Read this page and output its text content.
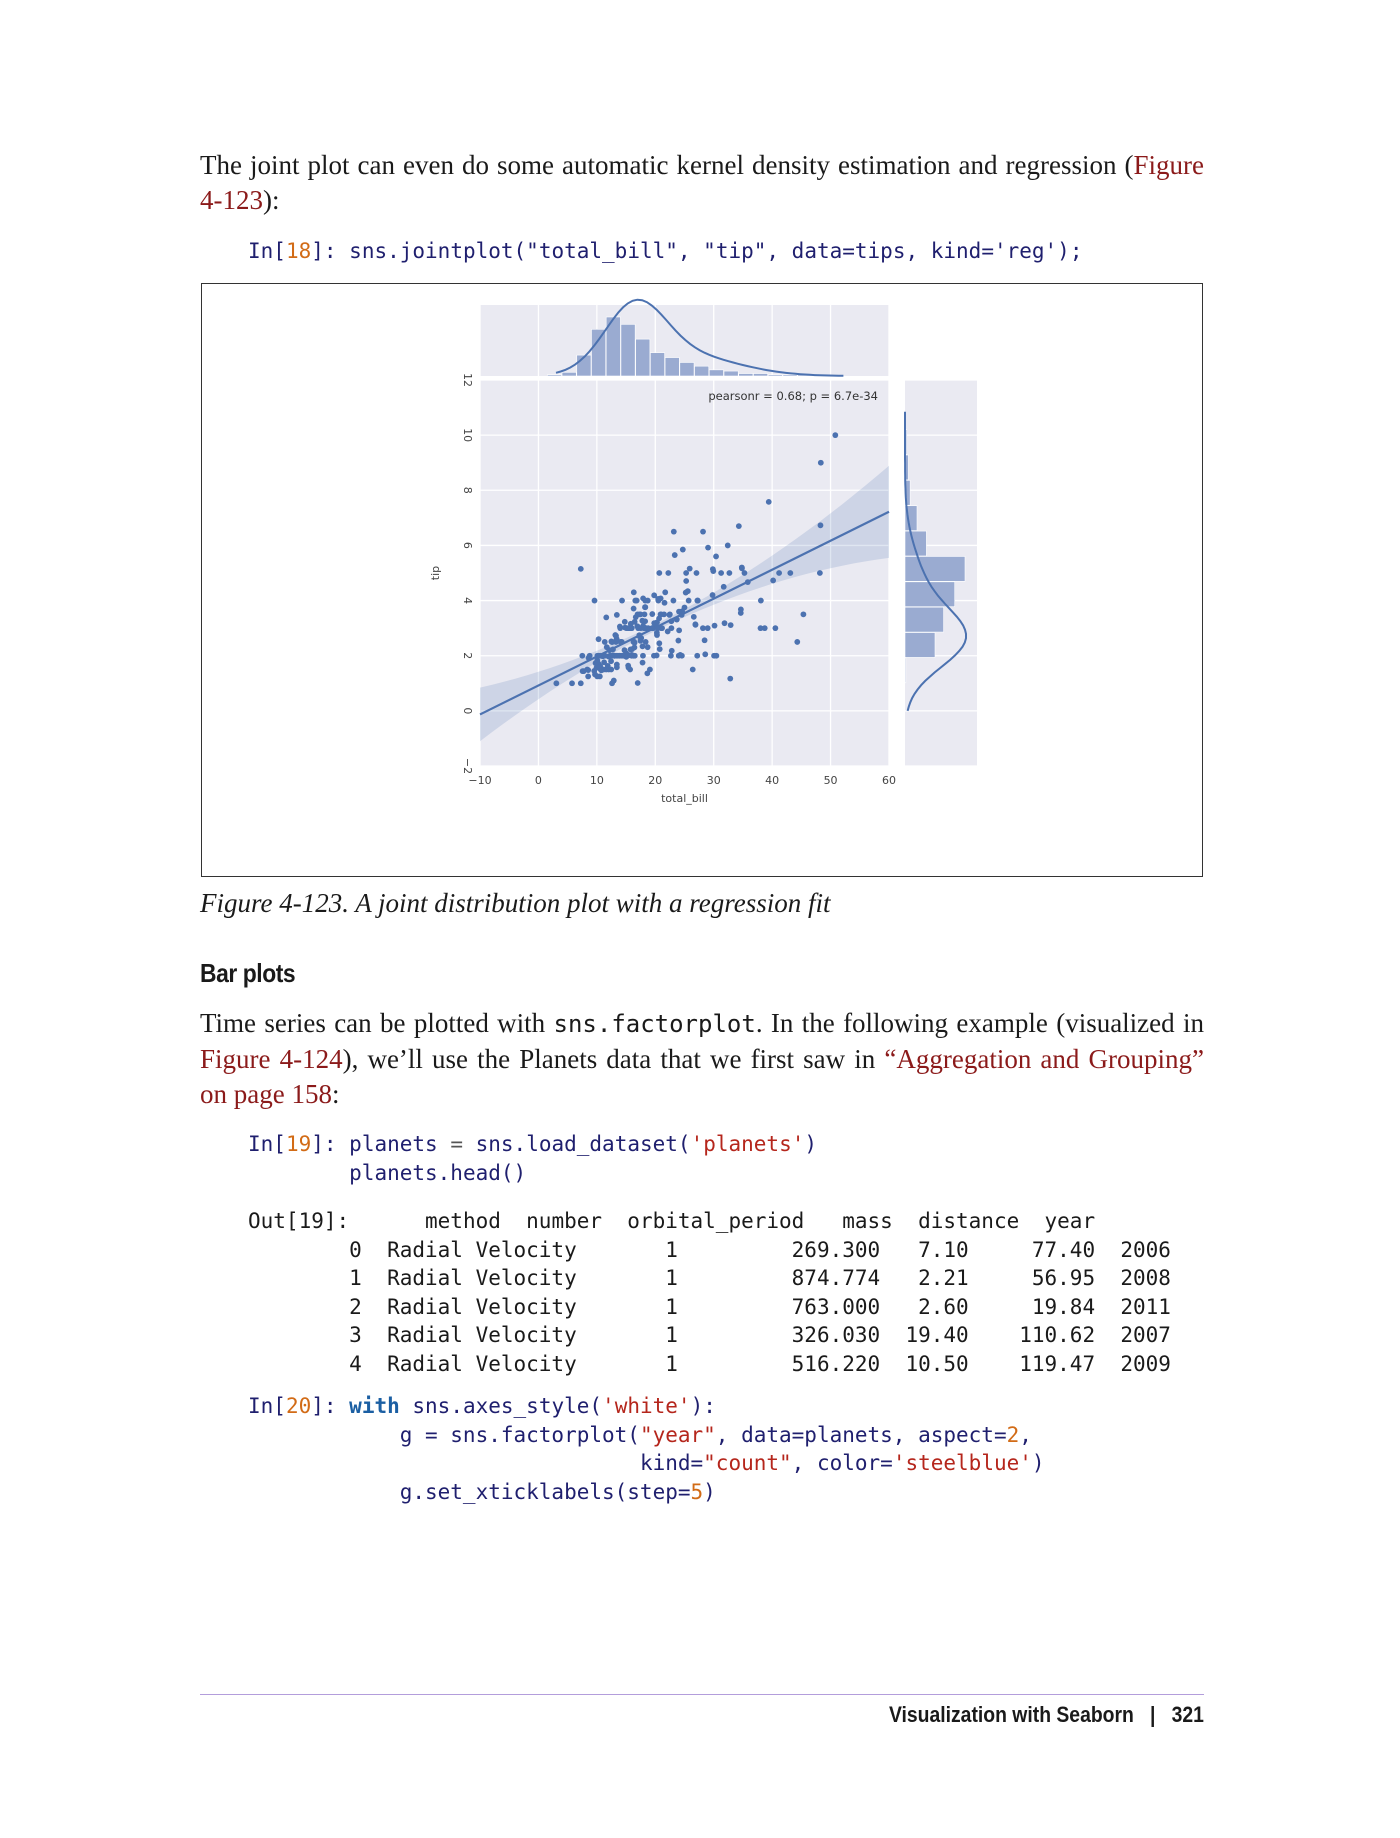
The joint plot can even do some automatic kernel density estimation and regression (Figure 4-123):
In[18]: sns.jointplot("total_bill", "tip", data=tips, kind='reg');
−10	0	10	20	30	40	50	60
−2
0
2
4
6
8
10
12
total_bill
tip
pearsonr = 0.68; p = 6.7e-34
Figure 4-123. A joint distribution plot with a regression fit
Bar plots
Time series can be plotted with sns.factorplot. In the following example (visualized in Figure 4-124), we’ll use the Planets data that we first saw in “Aggregation and Grouping” on page 158:
In[19]: planets = sns.load_dataset('planets')
planets.head()
Out[19]:      method  number  orbital_period   mass  distance  year
0  Radial Velocity       1         269.300   7.10     77.40  2006
1  Radial Velocity       1         874.774   2.21     56.95  2008
2  Radial Velocity       1         763.000   2.60     19.84  2011
3  Radial Velocity       1         326.030  19.40    110.62  2007
4  Radial Velocity       1         516.220  10.50    119.47  2009
In[20]: with sns.axes_style('white'):
g = sns.factorplot("year", data=planets, aspect=2,
kind="count", color='steelblue')
g.set_xticklabels(step=5)
Visualization with Seaborn | 321
